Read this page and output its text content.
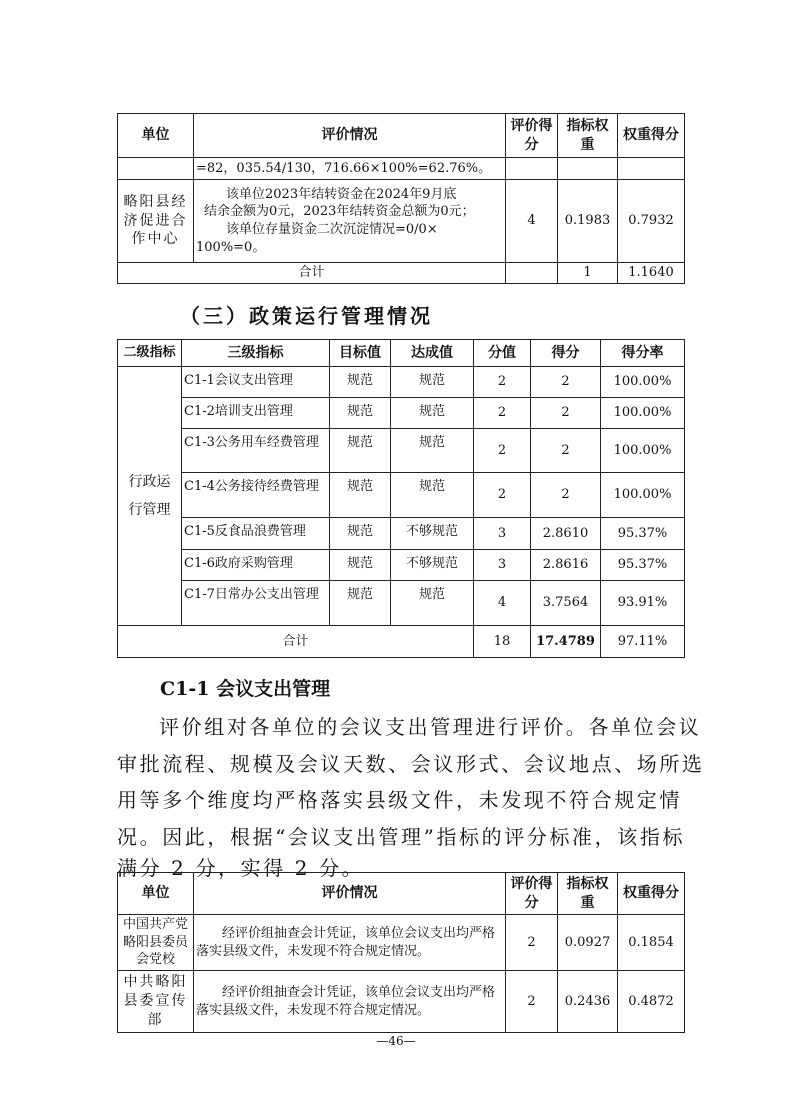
单位	评价情况	评价得分	指标权重	权重得分
	=82，035.54/130，716.66×100%=62.76%。			
略阳县经济促进合作中心	该单位2023年结转资金在2024年9月底
结余金额为0元，2023年结转资金总额为0元；
该单位存量资金二次沉淀情况=0/0×
100%=0。	4	0.1983	0.7932
合计			1	1.1640
（三）政策运行管理情况
二级指标	三级指标	目标值	达成值	分值	得分	得分率
行政运行管理	C1-1会议支出管理	规范	规范	2	2	100.00%
	C1-2培训支出管理	规范	规范	2	2	100.00%
	C1-3公务用车经费管理	规范	规范	2	2	100.00%
	C1-4公务接待经费管理	规范	规范	2	2	100.00%
	C1-5反食品浪费管理	规范	不够规范	3	2.8610	95.37%
	C1-6政府采购管理	规范	不够规范	3	2.8616	95.37%
	C1-7日常办公支出管理	规范	规范	4	3.7564	93.91%
合计				18	17.4789	97.11%
C1-1 会议支出管理
评价组对各单位的会议支出管理进行评价。各单位会议
审批流程、规模及会议天数、会议形式、会议地点、场所选
用等多个维度均严格落实县级文件，未发现不符合规定情
况。因此，根据“会议支出管理”指标的评分标准，该指标
满分 2 分，实得 2 分。
单位	评价情况	评价得分	指标权重	权重得分
中国共产党略阳县委员会党校	经评价组抽查会计凭证，该单位会议支出均严格落实县级文件，未发现不符合规定情况。	2	0.0927	0.1854
中共略阳县委宣传部	经评价组抽查会计凭证，该单位会议支出均严格落实县级文件，未发现不符合规定情况。	2	0.2436	0.4872
—46—
